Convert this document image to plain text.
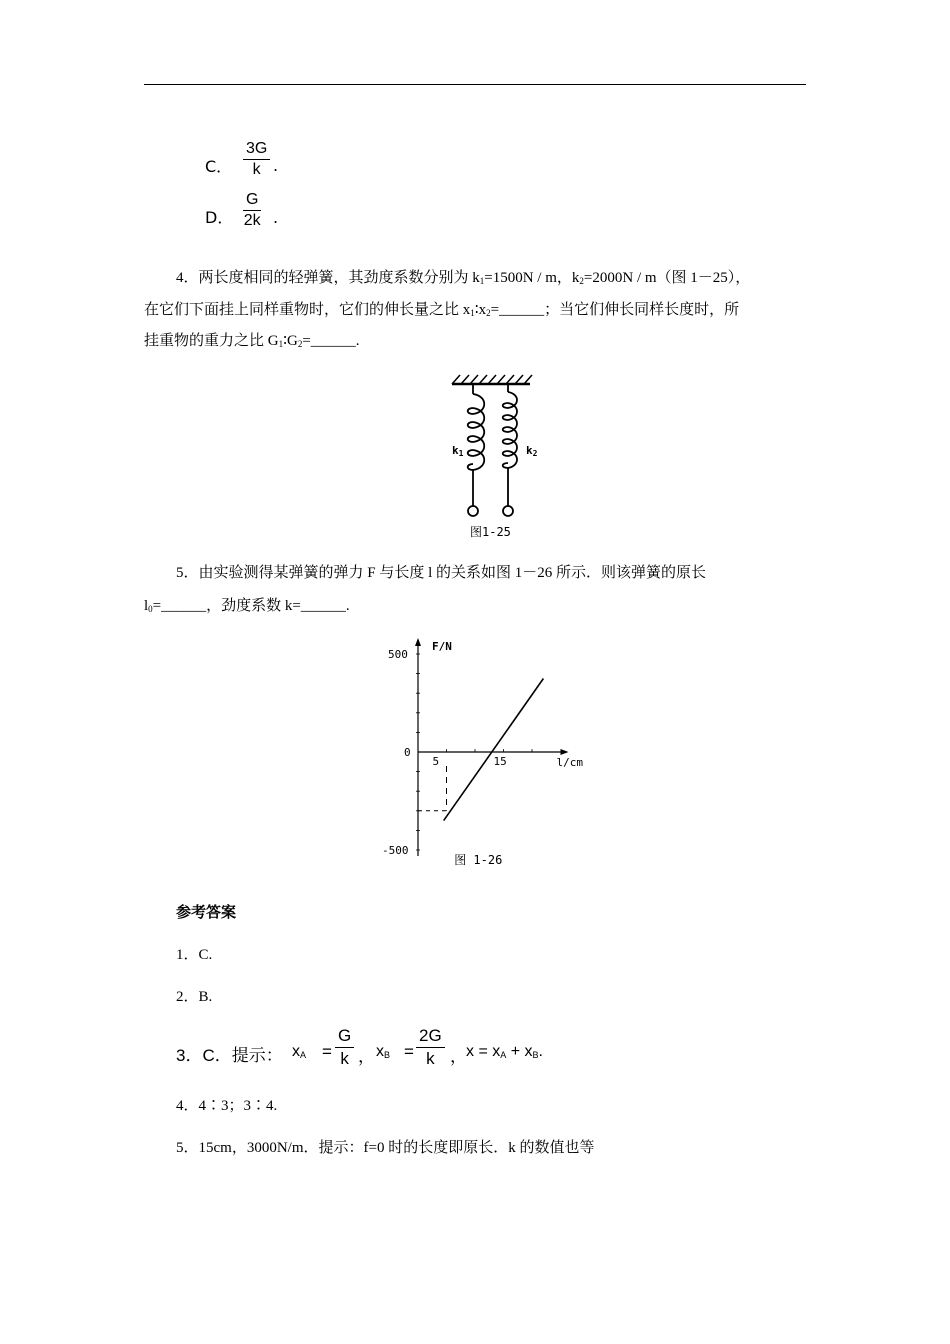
C． $\frac{3G}{k}$ .
D． $\frac{G}{2k}$ .
4．两长度相同的轻弹簧，其劲度系数分别为 $k_1=1500N / m$，$k_2=2000N / m$（图 1－25），
在它们下面挂上同样重物时，它们的伸长量之比 $x_1∶x_2=\_\_\_\_\_\_$；当它们伸长同样长度时，所
挂重物的重力之比 $G_1∶G_2=\_\_\_\_\_\_$.
k1	k2
图1-25
5．由实验测得某弹簧的弹力 F 与长度 l 的关系如图 1－26 所示．则该弹簧的原长
$l_0=\_\_\_\_\_\_$，劲度系数 k=______.
500
0
-500
5	15
F/N
l/cm
图 1-26
参考答案
1．C.
2．B.
3．C．提示： $x_A = \frac{G}{k}$ ， $x_B = \frac{2G}{k}$ ， $x = x_A + x_B$.
4．4∶3；3∶4.
5．15cm，3000N/m．提示：f=0 时的长度即原长．k 的数值也等
